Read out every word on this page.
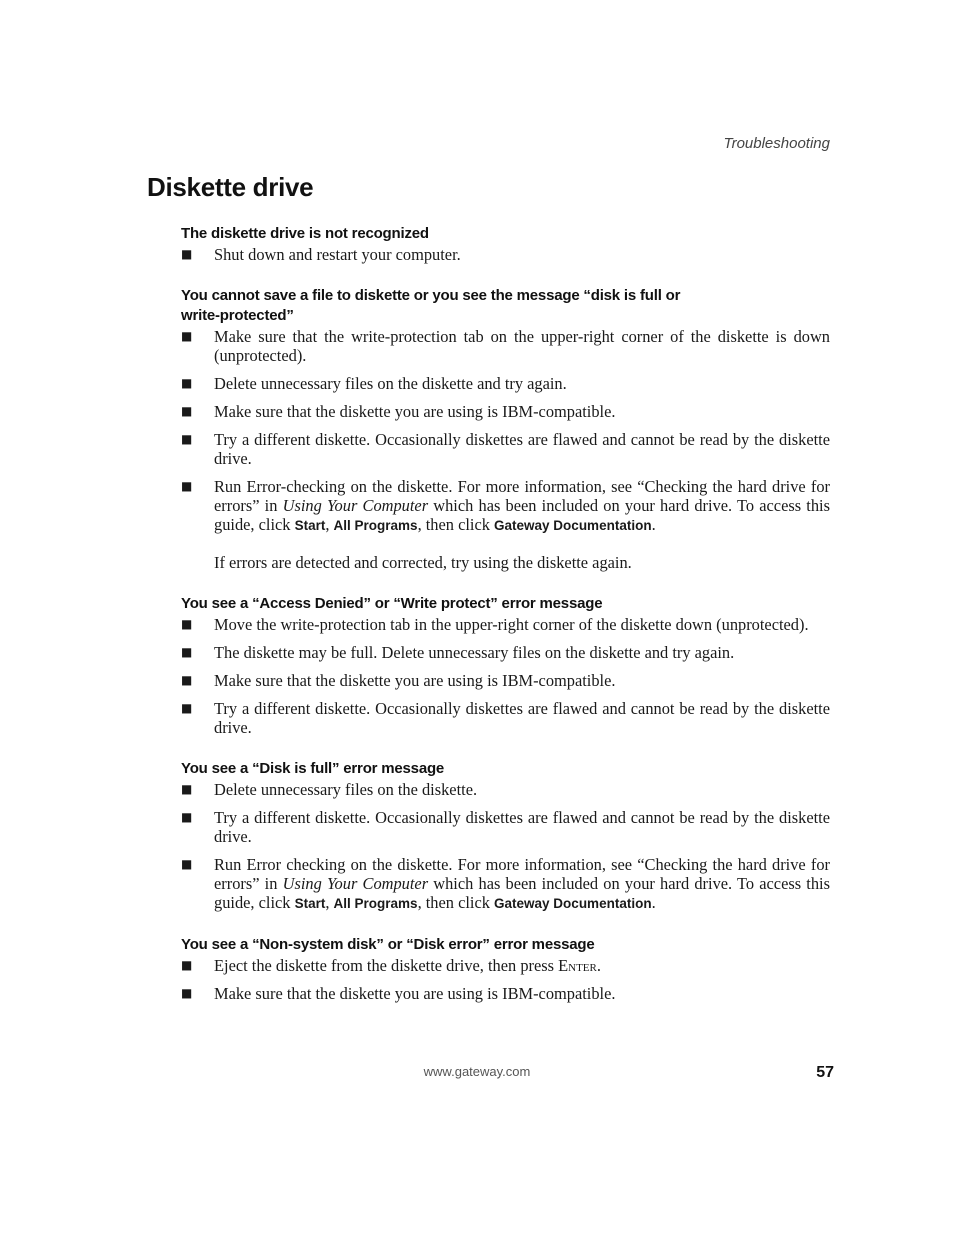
Troubleshooting
Diskette drive
The diskette drive is not recognized
■ Shut down and restart your computer.
You cannot save a file to diskette or you see the message “disk is full or
write-protected”
■ Make sure that the write-protection tab on the upper-right corner of the diskette is down (unprotected).
■ Delete unnecessary files on the diskette and try again.
■ Make sure that the diskette you are using is IBM-compatible.
■ Try a different diskette. Occasionally diskettes are flawed and cannot be read by the diskette drive.
■ Run Error-checking on the diskette. For more information, see “Checking the hard drive for errors” in Using Your Computer which has been included on your hard drive. To access this guide, click Start, All Programs, then click Gateway Documentation.
If errors are detected and corrected, try using the diskette again.
You see a “Access Denied” or “Write protect” error message
■ Move the write-protection tab in the upper-right corner of the diskette down (unprotected).
■ The diskette may be full. Delete unnecessary files on the diskette and try again.
■ Make sure that the diskette you are using is IBM-compatible.
■ Try a different diskette. Occasionally diskettes are flawed and cannot be read by the diskette drive.
You see a “Disk is full” error message
■ Delete unnecessary files on the diskette.
■ Try a different diskette. Occasionally diskettes are flawed and cannot be read by the diskette drive.
■ Run Error checking on the diskette. For more information, see “Checking the hard drive for errors” in Using Your Computer which has been included on your hard drive. To access this guide, click Start, All Programs, then click Gateway Documentation.
You see a “Non-system disk” or “Disk error” error message
■ Eject the diskette from the diskette drive, then press Enter.
■ Make sure that the diskette you are using is IBM-compatible.
www.gateway.com	57
